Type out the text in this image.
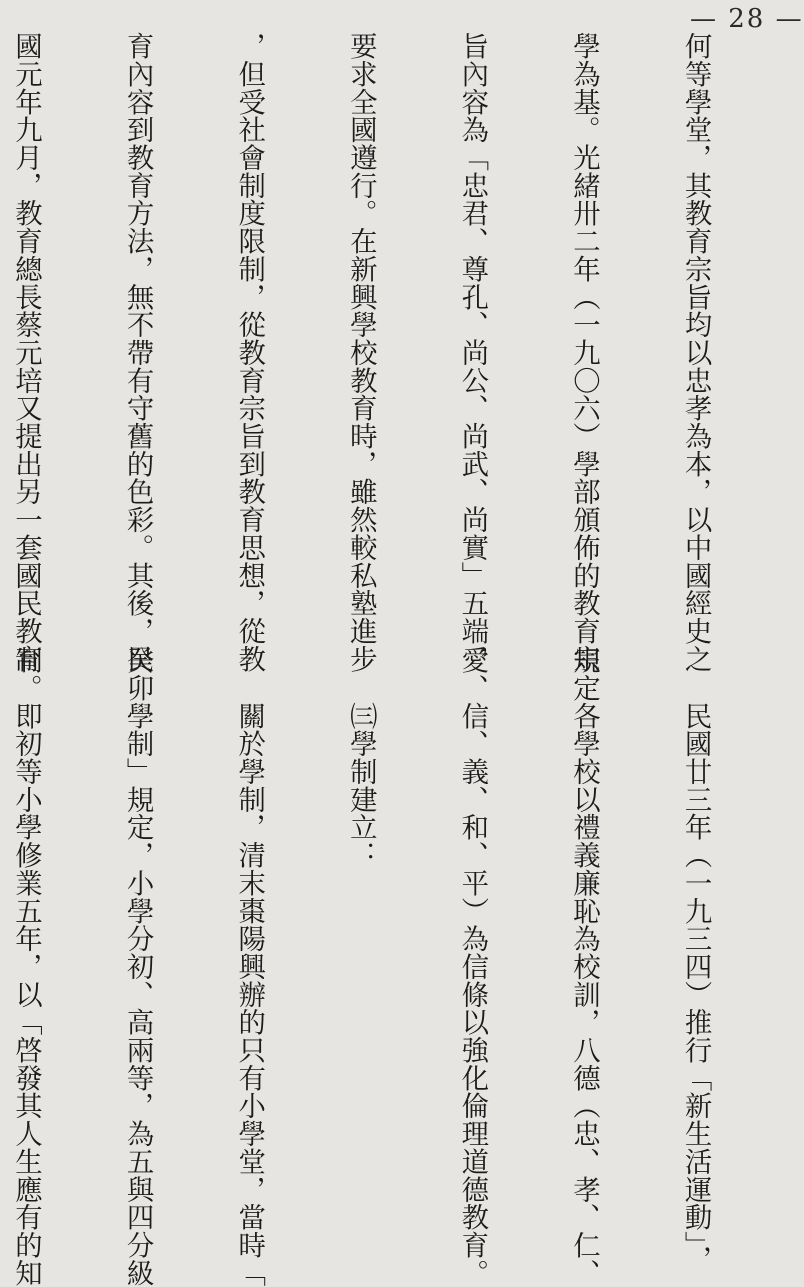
— 28 —

何等學堂，其教育宗旨均以忠孝為本，以中國經史之

學為基。光緒卅二年（一九〇六）學部頒佈的教育宗

旨內容為「忠君、尊孔、尚公、尚武、尚實」五端，

要求全國遵行。在新興學校教育時，雖然較私塾進步

，但受社會制度限制，從教育宗旨到教育思想，從教

育內容到教育方法，無不帶有守舊的色彩。其後，民

國元年九月，教育總長蔡元培又提出另一套國民教育

　　民國廿三年（一九三四）推行「新生活運動」，

規定各學校以禮義廉恥為校訓，八德（忠、孝、仁、

愛、信、義、和、平）為信條以強化倫理道德教育。

　　㈢學制建立：

　　關於學制，清末棗陽興辦的只有小學堂，當時「

癸卯學制」規定，小學分初、高兩等，為五與四分級

制。即初等小學修業五年，以「啓發其人生應有的知
